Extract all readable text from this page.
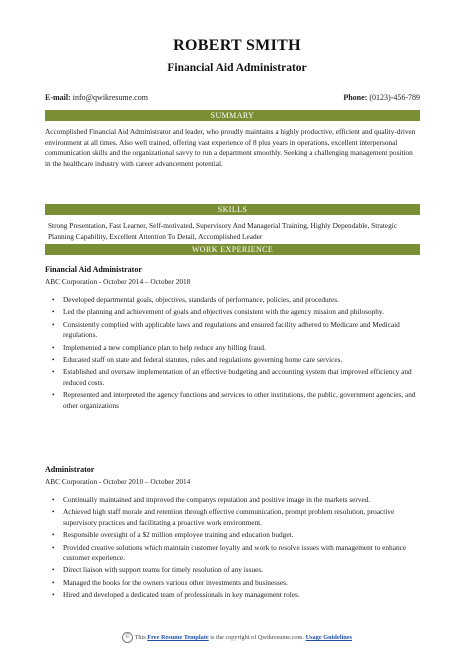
ROBERT SMITH
Financial Aid Administrator
E-mail: info@qwikresume.com	Phone: (0123)-456-789
SUMMARY
Accomplished Financial Aid Administrator and leader, who proudly maintains a highly productive, efficient and quality-driven environment at all times. Also well trained, offering vast experience of 8 plus years in operations, excellent interpersonal communication skills and the organizational savvy to run a department smoothly. Seeking a challenging management position in the healthcare industry with career advancement potential.
SKILLS
Strong Presentation, Fast Learner, Self-motivated, Supervisory And Managerial Training, Highly Dependable, Strategic Planning Capability, Excellent Attention To Detail, Accomplished Leader
WORK EXPERIENCE
Financial Aid Administrator
ABC Corporation - October 2014 – October 2018
• Developed departmental goals, objectives, standards of performance, policies, and procedures.
• Led the planning and achievement of goals and objectives consistent with the agency mission and philosophy.
• Consistently complied with applicable laws and regulations and ensured facility adhered to Medicare and Medicaid regulations.
• Implemented a new compliance plan to help reduce any billing fraud.
• Educated staff on state and federal statutes, rules and regulations governing home care services.
• Established and oversaw implementation of an effective budgeting and accounting system that improved efficiency and reduced costs.
• Represented and interpreted the agency functions and services to other institutions, the public, government agencies, and other organizations
Administrator
ABC Corporation - October 2010 – October 2014
• Continually maintained and improved the companys reputation and positive image in the markets served.
• Achieved high staff morale and retention through effective communication, prompt problem resolution, proactive supervisory practices and facilitating a proactive work environment.
• Responsible oversight of a $2 million employee training and education budget.
• Provided creative solutions which maintain customer loyalty and work to resolve issues with management to enhance customer experience.
• Direct liaison with support teams for timely resolution of any issues.
• Managed the books for the owners various other investments and businesses.
• Hired and developed a dedicated team of professionals in key management roles.
© This Free Resume Template is the copyright of Qwikresume.com. Usage Guidelines
